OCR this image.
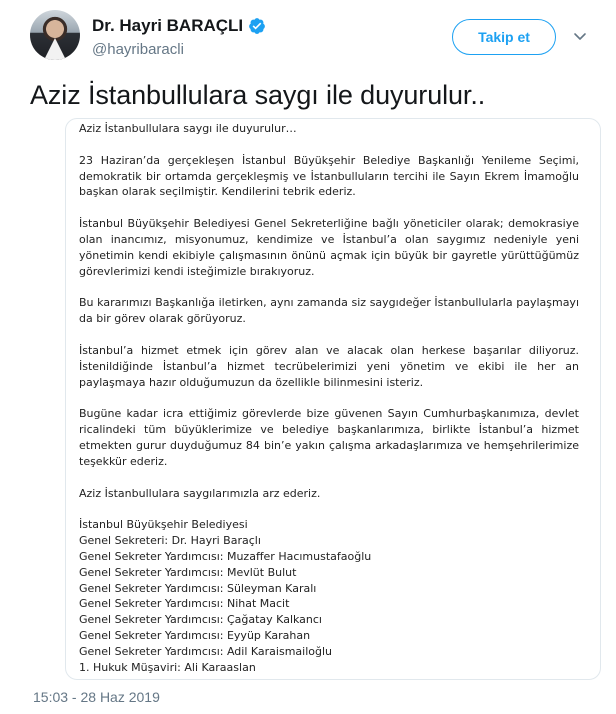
Dr. Hayri BARAÇLI
@hayribaracli
Takip et
Aziz İstanbullulara saygı ile duyurulur..
Aziz İstanbullulara saygı ile duyurulur…

23 Haziran’da gerçekleşen İstanbul Büyükşehir Belediye Başkanlığı Yenileme Seçimi, demokratik bir ortamda gerçekleşmiş ve İstanbulluların tercihi ile Sayın Ekrem İmamoğlu başkan olarak seçilmiştir. Kendilerini tebrik ederiz.

İstanbul Büyükşehir Belediyesi Genel Sekreterliğine bağlı yöneticiler olarak; demokrasiye olan inancımız, misyonumuz, kendimize ve İstanbul’a olan saygımız nedeniyle yeni yönetimin kendi ekibiyle çalışmasının önünü açmak için büyük bir gayretle yürüttüğümüz görevlerimizi kendi isteğimizle bırakıyoruz.

Bu kararımızı Başkanlığa iletirken, aynı zamanda siz saygıdeğer İstanbullularla paylaşmayı da bir görev olarak görüyoruz.

İstanbul’a hizmet etmek için görev alan ve alacak olan herkese başarılar diliyoruz. İstenildiğinde İstanbul’a hizmet tecrübelerimizi yeni yönetim ve ekibi ile her an paylaşmaya hazır olduğumuzun da özellikle bilinmesini isteriz.

Bugüne kadar icra ettiğimiz görevlerde bize güvenen Sayın Cumhurbaşkanımıza, devlet ricalindeki tüm büyüklerimize ve belediye başkanlarımıza, birlikte İstanbul’a hizmet etmekten gurur duyduğumuz 84 bin’e yakın çalışma arkadaşlarımıza ve hemşehrilerimize teşekkür ederiz.

Aziz İstanbullulara saygılarımızla arz ederiz.

İstanbul Büyükşehir Belediyesi
Genel Sekreteri: Dr. Hayri Baraçlı
Genel Sekreter Yardımcısı: Muzaffer Hacımustafaoğlu
Genel Sekreter Yardımcısı: Mevlüt Bulut
Genel Sekreter Yardımcısı: Süleyman Karalı
Genel Sekreter Yardımcısı: Nihat Macit
Genel Sekreter Yardımcısı: Çağatay Kalkancı
Genel Sekreter Yardımcısı: Eyyüp Karahan
Genel Sekreter Yardımcısı: Adil Karaismailoğlu
1. Hukuk Müşaviri: Ali Karaaslan
15:03 - 28 Haz 2019
